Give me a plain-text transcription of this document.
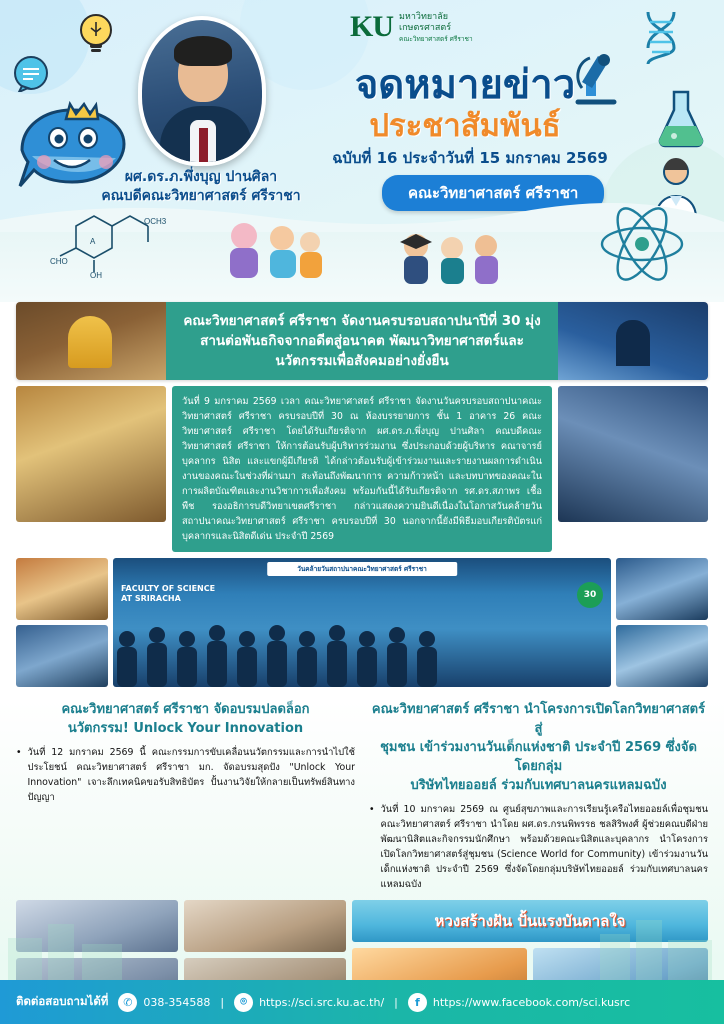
ผศ.ดร.ภ.พึ่งบุญ ปานศิลา
คณบดีคณะวิทยาศาสตร์ ศรีราชา
KU มหาวิทยาลัย
เกษตรศาสตร์
คณะวิทยาศาสตร์ ศรีราชา
จดหมายข่าว
ประชาสัมพันธ์
ฉบับที่ 16 ประจำวันที่ 15 มกราคม 2569
คณะวิทยาศาสตร์ ศรีราชา
CHO
OCH3
OH
A
คณะวิทยาศาสตร์ ศรีราชา จัดงานครบรอบสถาปนาปีที่ 30 มุ่งสานต่อพันธกิจจากอดีตสู่อนาคต พัฒนาวิทยาศาสตร์และนวัตกรรมเพื่อสังคมอย่างยั่งยืน
วันที่ 9 มกราคม 2569 เวลา คณะวิทยาศาสตร์ ศรีราชา จัดงานวันครบรอบสถาปนาคณะวิทยาศาสตร์ ศรีราชา ครบรอบปีที่ 30 ณ ห้องบรรยายการ ชั้น 1 อาคาร 26 คณะวิทยาศาสตร์ ศรีราชา โดยได้รับเกียรติจาก ผศ.ดร.ภ.พึ่งบุญ ปานศิลา คณบดีคณะวิทยาศาสตร์ ศรีราชา ให้การต้อนรับผู้บริหารร่วมงาน ซึ่งประกอบด้วยผู้บริหาร คณาจารย์ บุคลากร นิสิต และแขกผู้มีเกียรติ ได้กล่าวต้อนรับผู้เข้าร่วมงานและรายงานผลการดำเนินงานของคณะในช่วงที่ผ่านมา สะท้อนถึงพัฒนาการ ความก้าวหน้า และบทบาทของคณะในการผลิตบัณฑิตและงานวิชาการเพื่อสังคม พร้อมกันนี้ได้รับเกียรติจาก รศ.ดร.สภาพร เชื้อพืช รองอธิการบดีวิทยาเขตศรีราชา กล่าวแสดงความยินดีเนื่องในโอกาสวันคล้ายวันสถาปนาคณะวิทยาศาสตร์ ศรีราชา ครบรอบปีที่ 30 นอกจากนี้ยังมีพิธีมอบเกียรติบัตรแก่บุคลากรและนิสิตดีเด่น ประจำปี 2569
วันคล้ายวันสถาปนาคณะวิทยาศาสตร์ ศรีราชา
FACULTY OF SCIENCE
AT SRIRACHA	30
คณะวิทยาศาสตร์ ศรีราชา จัดอบรมปลดล็อก
นวัตกรรม! Unlock Your Innovation
• วันที่ 12 มกราคม 2569 นี้ คณะกรรมการขับเคลื่อนนวัตกรรมและการนำไปใช้ประโยชน์ คณะวิทยาศาสตร์ ศรีราชา มก. จัดอบรมสุดปัง "Unlock Your Innovation" เจาะลึกเทคนิคขอรับสิทธิบัตร ปั้นงานวิจัยให้กลายเป็นทรัพย์สินทางปัญญา
คณะวิทยาศาสตร์ ศรีราชา นำโครงการเปิดโลกวิทยาศาสตร์สู่
ชุมชน เข้าร่วมงานวันเด็กแห่งชาติ ประจำปี 2569 ซึ่งจัดโดยกลุ่ม
บริษัทไทยออยล์ ร่วมกับเทศบาลนครแหลมฉบัง
• วันที่ 10 มกราคม 2569 ณ ศูนย์สุขภาพและการเรียนรู้เครือไทยออยล์เพื่อชุมชน คณะวิทยาศาสตร์ ศรีราชา นำโดย ผศ.ดร.กรนพิพรรธ ชลสิริพงศ์ ผู้ช่วยคณบดีฝ่ายพัฒนานิสิตและกิจกรรมนักศึกษา พร้อมด้วยคณะนิสิตและบุคลากร นำโครงการเปิดโลกวิทยาศาสตร์สู่ชุมชน (Science World for Community) เข้าร่วมงานวันเด็กแห่งชาติ ประจำปี 2569 ซึ่งจัดโดยกลุ่มบริษัทไทยออยล์ ร่วมกับเทศบาลนครแหลมฉบัง
หวงสร้างฝัน ปั้นแรงบันดาลใจ
ติดต่อสอบถามได้ที่	✆ 038-354588 |	⌾	https://sci.src.ku.ac.th/ |	f	https://www.facebook.com/sci.kusrc
